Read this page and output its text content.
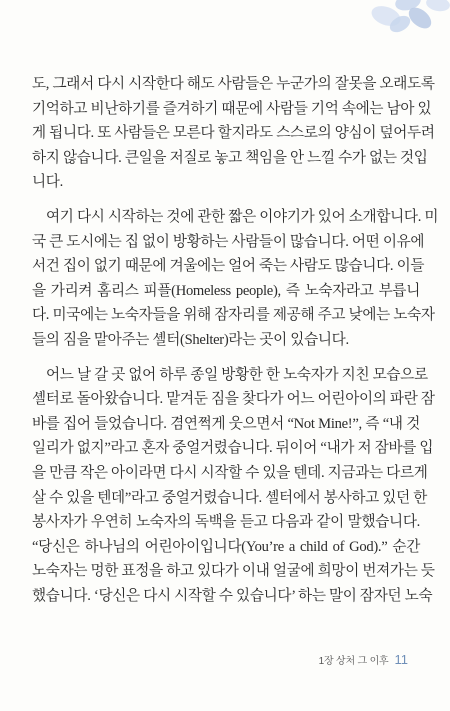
도, 그래서 다시 시작한다 해도 사람들은 누군가의 잘못을 오래도록
기억하고 비난하기를 즐겨하기 때문에 사람들 기억 속에는 남아 있
게 됩니다. 또 사람들은 모른다 할지라도 스스로의 양심이 덮어두려
하지 않습니다. 큰일을 저질로 놓고 책임을 안 느낄 수가 없는 것입
니다.
여기 다시 시작하는 것에 관한 짧은 이야기가 있어 소개합니다. 미
국 큰 도시에는 집 없이 방황하는 사람들이 많습니다. 어떤 이유에
서건 집이 없기 때문에 겨울에는 얼어 죽는 사람도 많습니다. 이들
을 가리켜 홈리스 피플(Homeless people), 즉 노숙자라고 부릅니
다. 미국에는 노숙자들을 위해 잠자리를 제공해 주고 낮에는 노숙자
들의 짐을 맡아주는 셸터(Shelter)라는 곳이 있습니다.
어느 날 갈 곳 없어 하루 종일 방황한 한 노숙자가 지친 모습으로
셸터로 돌아왔습니다. 맡겨둔 짐을 찾다가 어느 어린아이의 파란 잠
바를 집어 들었습니다. 겸연쩍게 웃으면서 “Not Mine!”, 즉 “내 것
일리가 없지”라고 혼자 중얼거렸습니다. 뒤이어 “내가 저 잠바를 입
을 만큼 작은 아이라면 다시 시작할 수 있을 텐데. 지금과는 다르게
살 수 있을 텐데”라고 중얼거렸습니다. 셸터에서 봉사하고 있던 한
봉사자가 우연히 노숙자의 독백을 듣고 다음과 같이 말했습니다.
“당신은 하나님의 어린아이입니다(You’re a child of God).” 순간
노숙자는 멍한 표정을 하고 있다가 이내 얼굴에 희망이 번져가는 듯
했습니다. ‘당신은 다시 시작할 수 있습니다’ 하는 말이 잠자던 노숙
1장 상처 그 이후 11
